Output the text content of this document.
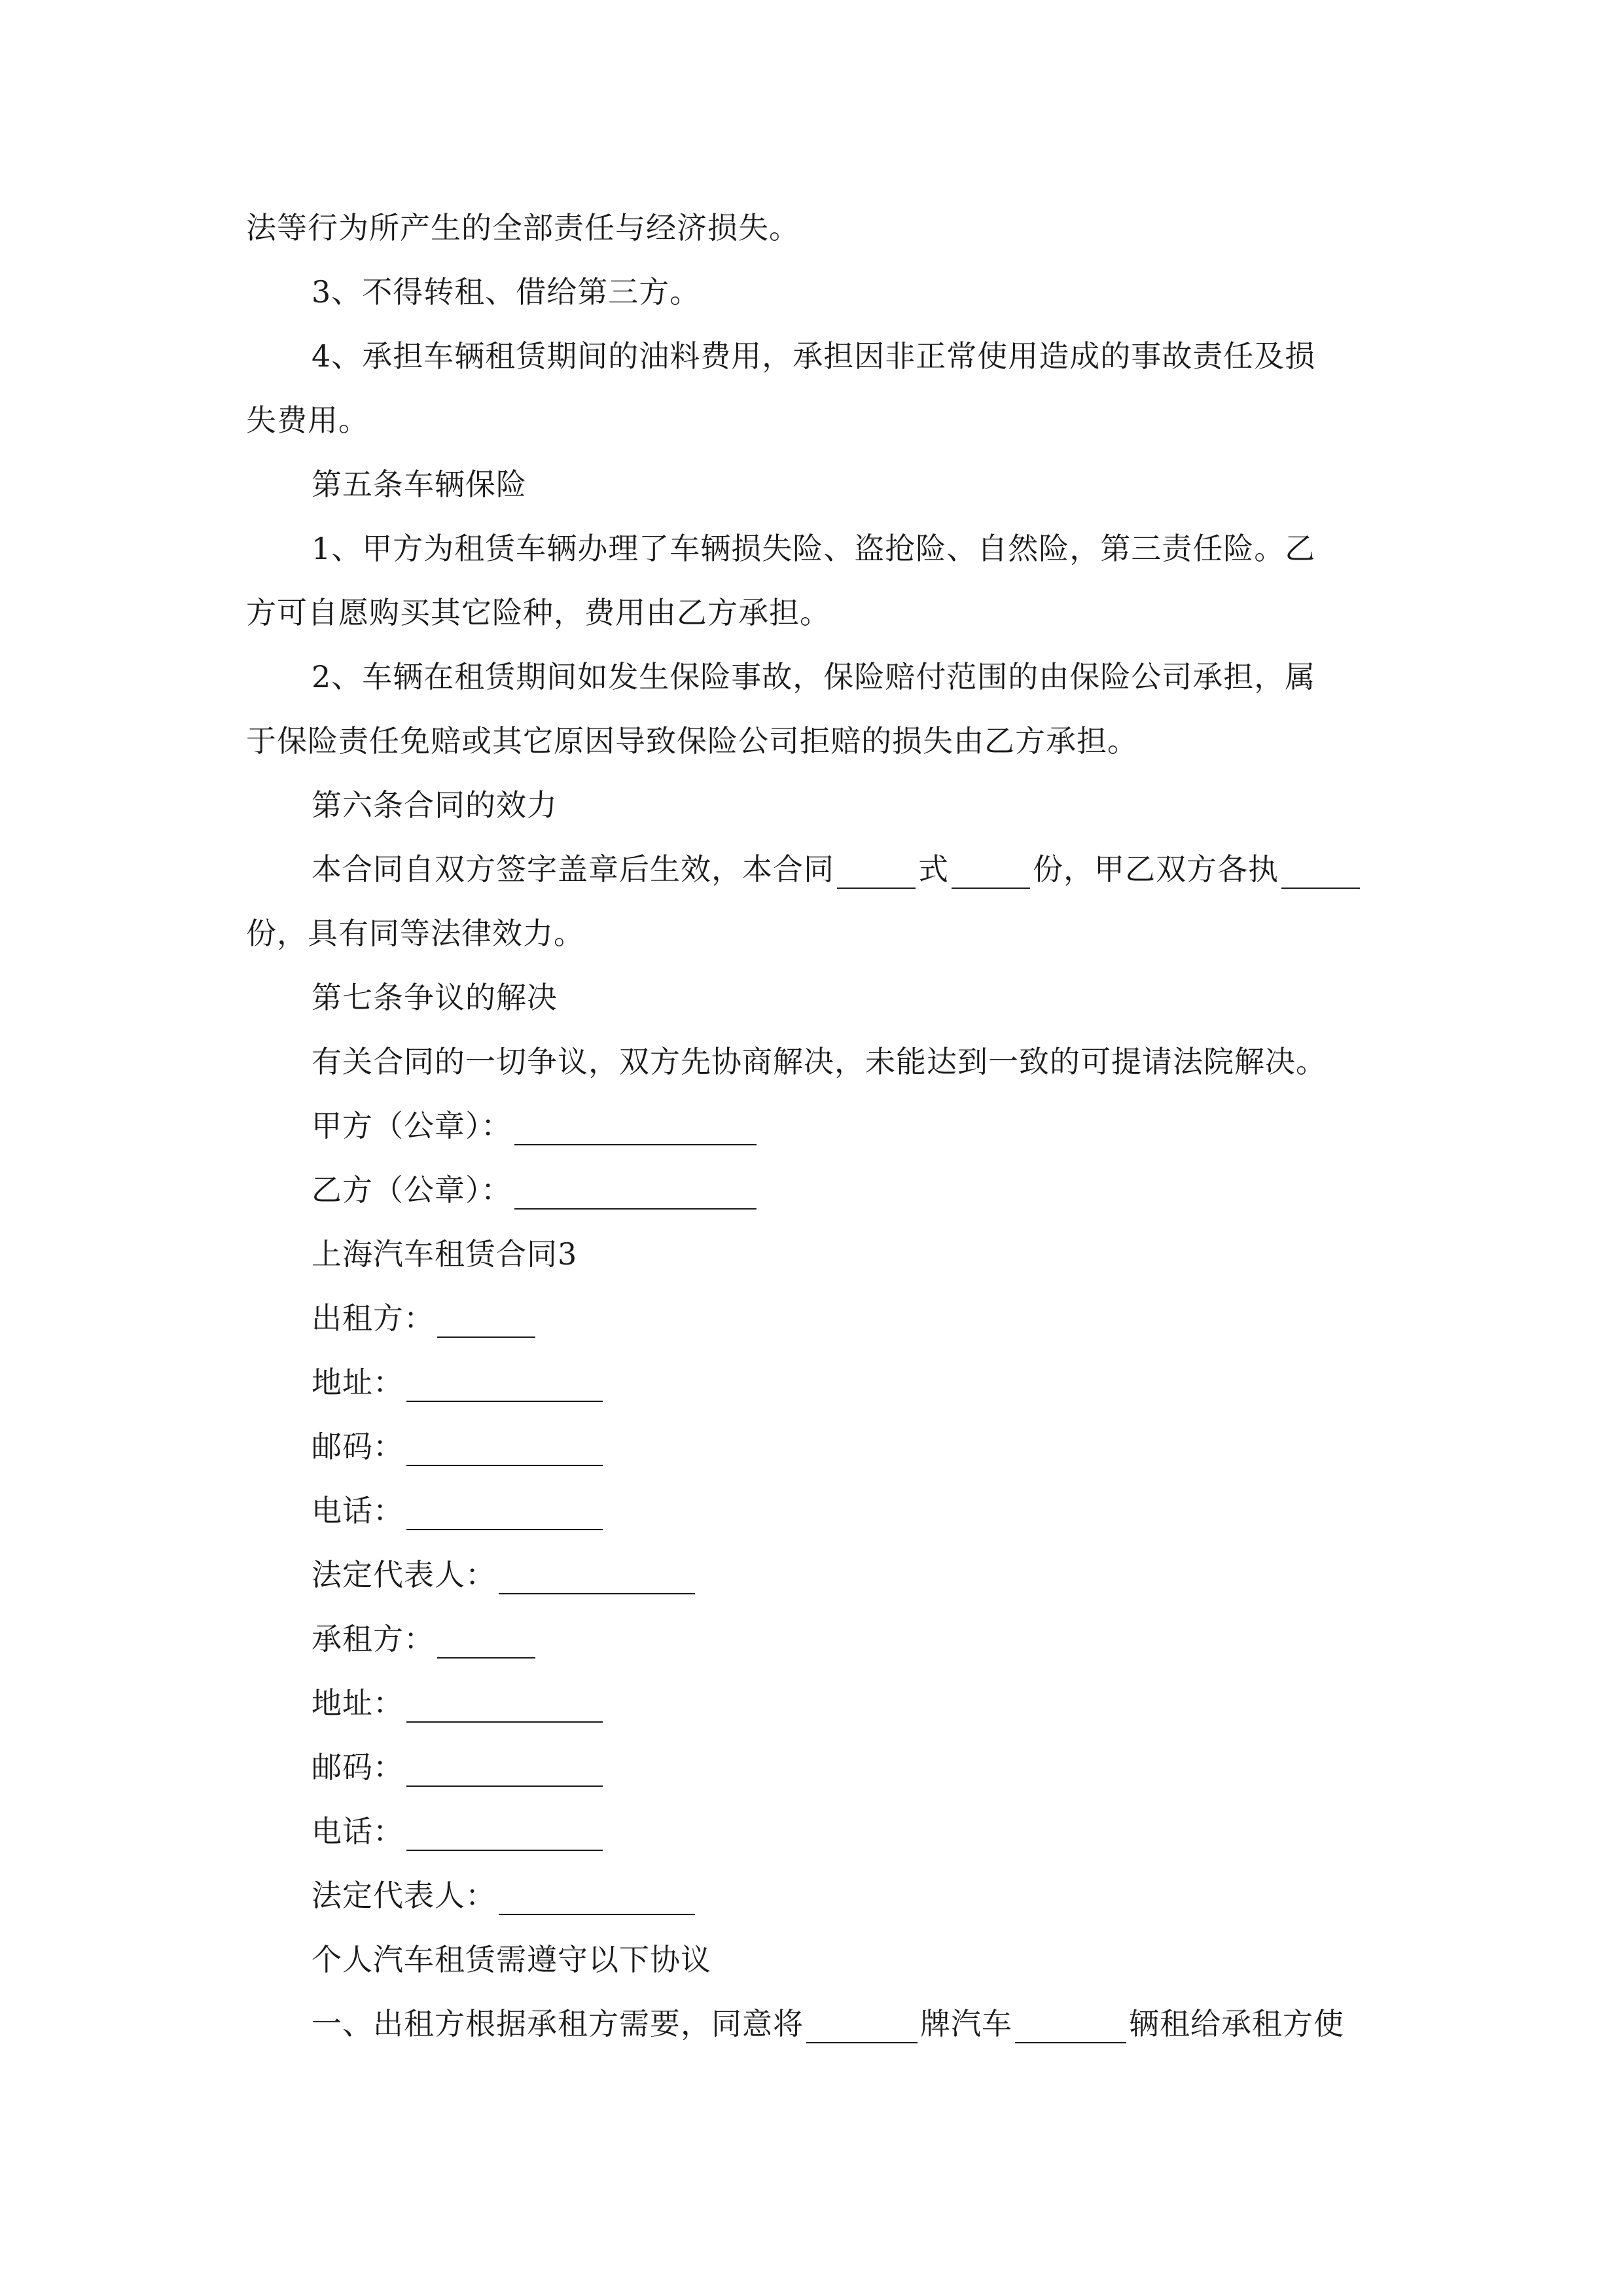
法等行为所产生的全部责任与经济损失。
3、不得转租、借给第三方。
4、承担车辆租赁期间的油料费用，承担因非正常使用造成的事故责任及损
失费用。
第五条车辆保险
1、甲方为租赁车辆办理了车辆损失险、盗抢险、自然险，第三责任险。乙
方可自愿购买其它险种，费用由乙方承担。
2、车辆在租赁期间如发生保险事故，保险赔付范围的由保险公司承担，属
于保险责任免赔或其它原因导致保险公司拒赔的损失由乙方承担。
第六条合同的效力
本合同自双方签字盖章后生效，本合同	式	份，甲乙双方各执
份，具有同等法律效力。
第七条争议的解决
有关合同的一切争议，双方先协商解决，未能达到一致的可提请法院解决。
甲方（公章）：
乙方（公章）：
上海汽车租赁合同3
出租方：
地址：
邮码：
电话：
法定代表人：
承租方：
地址：
邮码：
电话：
法定代表人：
个人汽车租赁需遵守以下协议
一、出租方根据承租方需要，同意将	牌汽车	辆租给承租方使
